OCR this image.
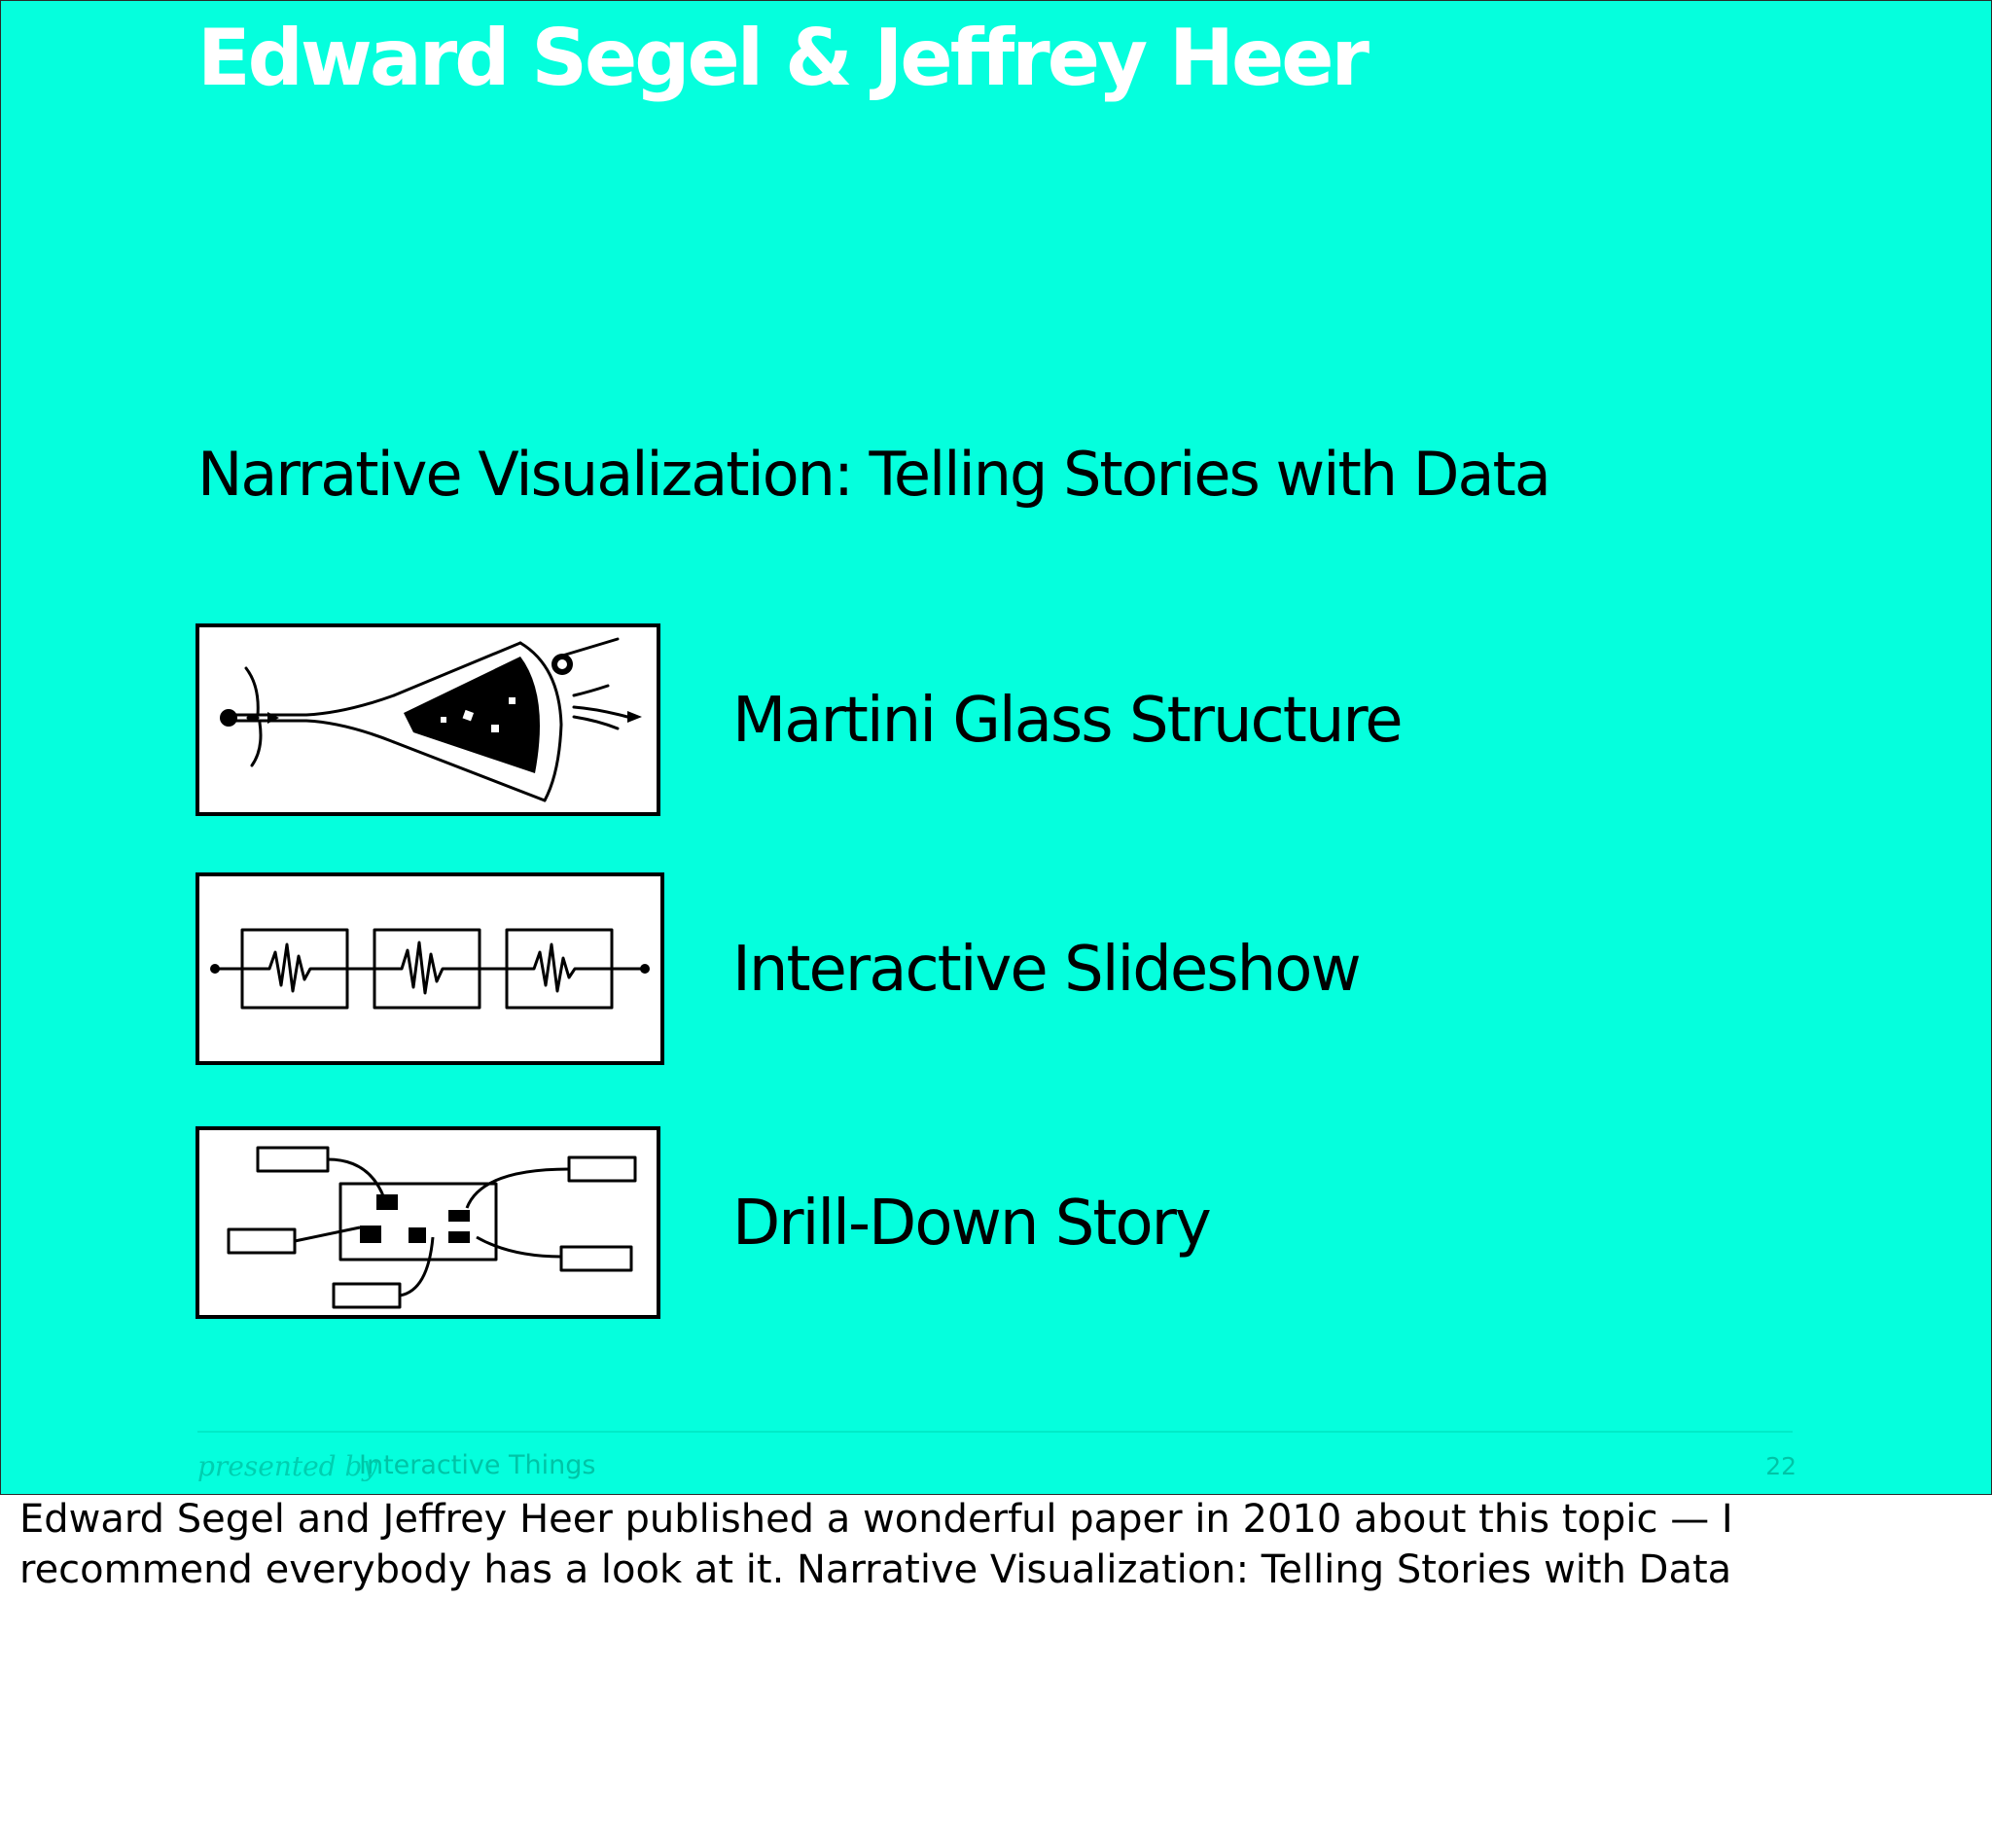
Edward Segel & Jeffrey Heer
Narrative Visualization: Telling Stories with Data
Martini Glass Structure
Interactive Slideshow
Drill-Down Story
presented by
Interactive Things	22
Edward Segel and Jeffrey Heer published a wonderful paper in 2010 about this topic — I recommend everybody has a look at it. Narrative Visualization: Telling Stories with Data
